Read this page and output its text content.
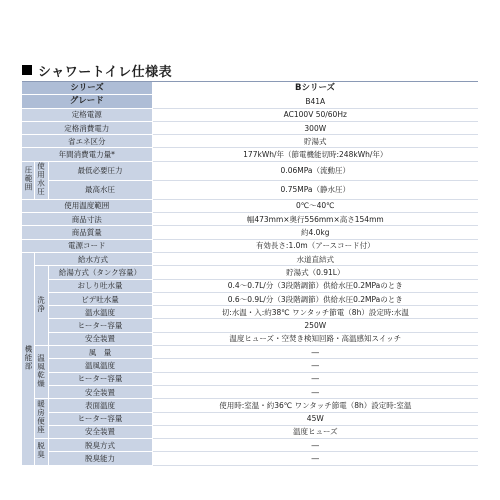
シャワートイレ仕様表
シリーズ			Bシリーズ
グレード			B41A
定格電源			AC100V 50/60Hz
定格消費電力			300W
省エネ区分			貯湯式
年間消費電力量*			177kWh/年（節電機能切時:248kWh/年）
圧範囲	使用水圧	最低必要圧力	0.06MPa（流動圧）
		最高水圧	0.75MPa（静水圧）
使用温度範囲			0℃〜40℃
商品寸法			幅473mm×奥行556mm×高さ154mm
商品質量			約4.0kg
電源コード			有効長さ:1.0m（アースコード付）
機能部	給水方式		水道直結式
	洗浄	給湯方式（タンク容量）	貯湯式（0.91L）
		おしり吐水量	0.4〜0.7L/分（3段階調節）供給水圧0.2MPaのとき
		ビデ吐水量	0.6〜0.9L/分（3段階調節）供給水圧0.2MPaのとき
		温水温度	切:水温・入:約38℃ ワンタッチ節電（8h）設定時:水温
		ヒーター容量	250W
		安全装置	温度ヒューズ・空焚き検知回路・高温感知スイッチ
	温風乾燥	風　量	―
		温風温度	―
		ヒーター容量	―
		安全装置	―
	暖房便座	表面温度	使用時:室温・約36℃ ワンタッチ節電（8h）設定時:室温
		ヒーター容量	45W
		安全装置	温度ヒューズ
	脱臭	脱臭方式	―
		脱臭能力	―
